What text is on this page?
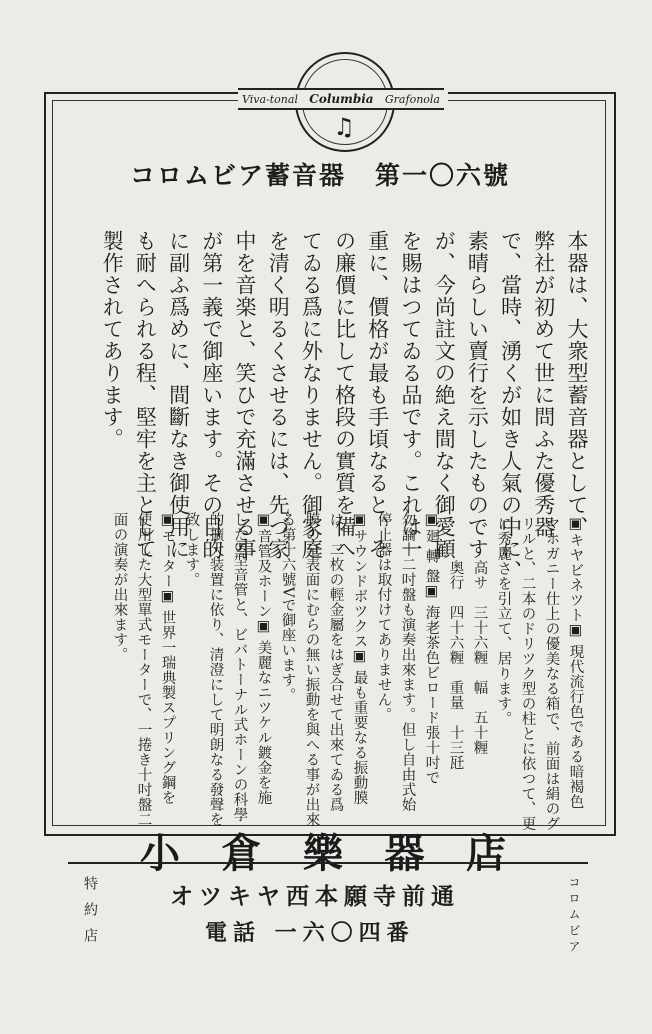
Viva-tonal Columbia Grafonola
♫
コロムビア蓄音器 第一〇六號
本器は、大衆型蓄音器として、
弊社が初めて世に問ふた優秀器
で、當時、湧くが如き人氣の中に、
素晴らしい賣行を示したものです
が、今尚註文の絶え間なく御愛顧
を賜はつてゐる品です。これは一
重に、價格が最も手頃なると、そ
の廉價に比して格段の實質を備へ
てゐる爲に外なりません。御家庭
を清く明るくさせるには、先づ家
中を音楽と、笑ひで充滿させる事
が第一義で御座います。その目的
に副ふ爲めに、間斷なき御使用に
も耐へられる程、堅牢を主として
製作されてあります。
▣キヤビネツト▣ 現代流行色である暗褐色
マホガニー仕上の優美なる箱で、前面は絹のグ
リルと、二本のドリツク型の柱とに依つて、更
に秀麗さを引立て、居ります。
高サ　三十六糎　幅　五十糎
奥行　四十六糎　重量　十三瓩
▣廻 轉 盤▣ 海老茶色ビロード張十吋で
勿論十二吋盤も演奏出來ます。但し自由式始
停止器は取付けてありません。
▣サウンドボツクス▣ 最も重要なる振動膜
は、二枚の輕金屬をはぎ合せて出來てゐる爲
膜の全表面にむらの無い振動を與へる事が出來
る第十六號Vで御座います。
▣音管及ホーン▣ 美麗なニツケル鍍金を施
したS型音管と、ビバトーナル式ホーンの科學
的擴大装置に依り、清澄にして明朗なる發聲を
致します。
▣モーター▣ 世界一瑞典製スプリング鋼を
使用した大型單式モーターで、一捲き十吋盤二
面の演奏が出來ます。
小 倉 樂 器 店
オツキヤ西本願寺前通
電話 一六〇四番
特約店	コロムビア
